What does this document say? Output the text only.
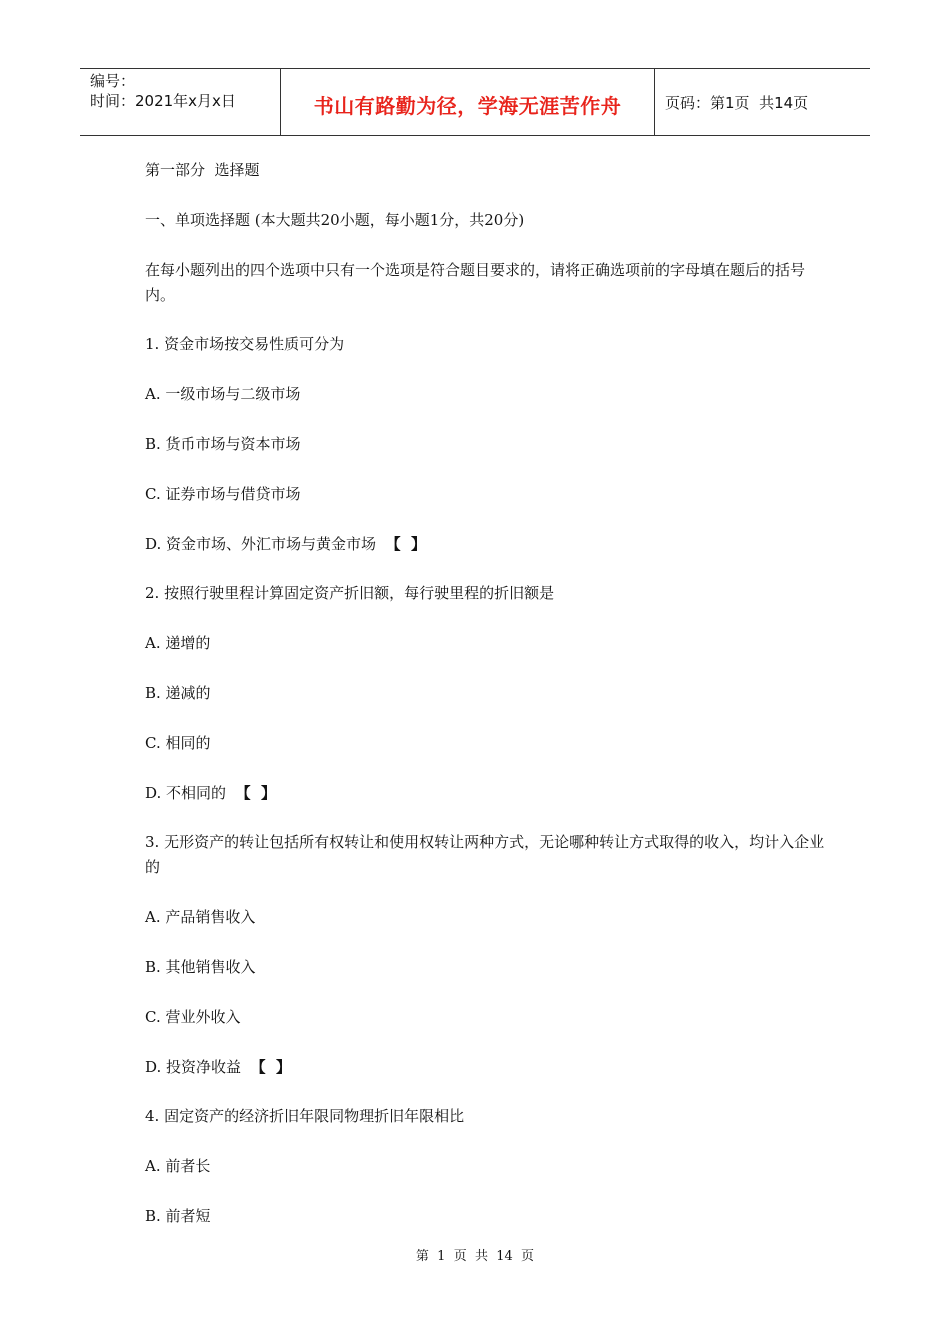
编号：
时间：2021年x月x日	书山有路勤为径，学海无涯苦作舟	页码：第1页  共14页

第一部分  选择题

一、单项选择题 (本大题共20小题，每小题1分，共20分)

在每小题列出的四个选项中只有一个选项是符合题目要求的，请将正确选项前的字母填在题后的括号内。

1. 资金市场按交易性质可分为

A. 一级市场与二级市场

B. 货币市场与资本市场

C. 证券市场与借贷市场

D. 资金市场、外汇市场与黄金市场 【  】

2. 按照行驶里程计算固定资产折旧额，每行驶里程的折旧额是

A. 递增的

B. 递减的

C. 相同的

D. 不相同的 【  】

3. 无形资产的转让包括所有权转让和使用权转让两种方式，无论哪种转让方式取得的收入，均计入企业的

A. 产品销售收入

B. 其他销售收入

C. 营业外收入

D. 投资净收益 【  】

4. 固定资产的经济折旧年限同物理折旧年限相比

A. 前者长

B. 前者短

第  1  页  共  14  页
